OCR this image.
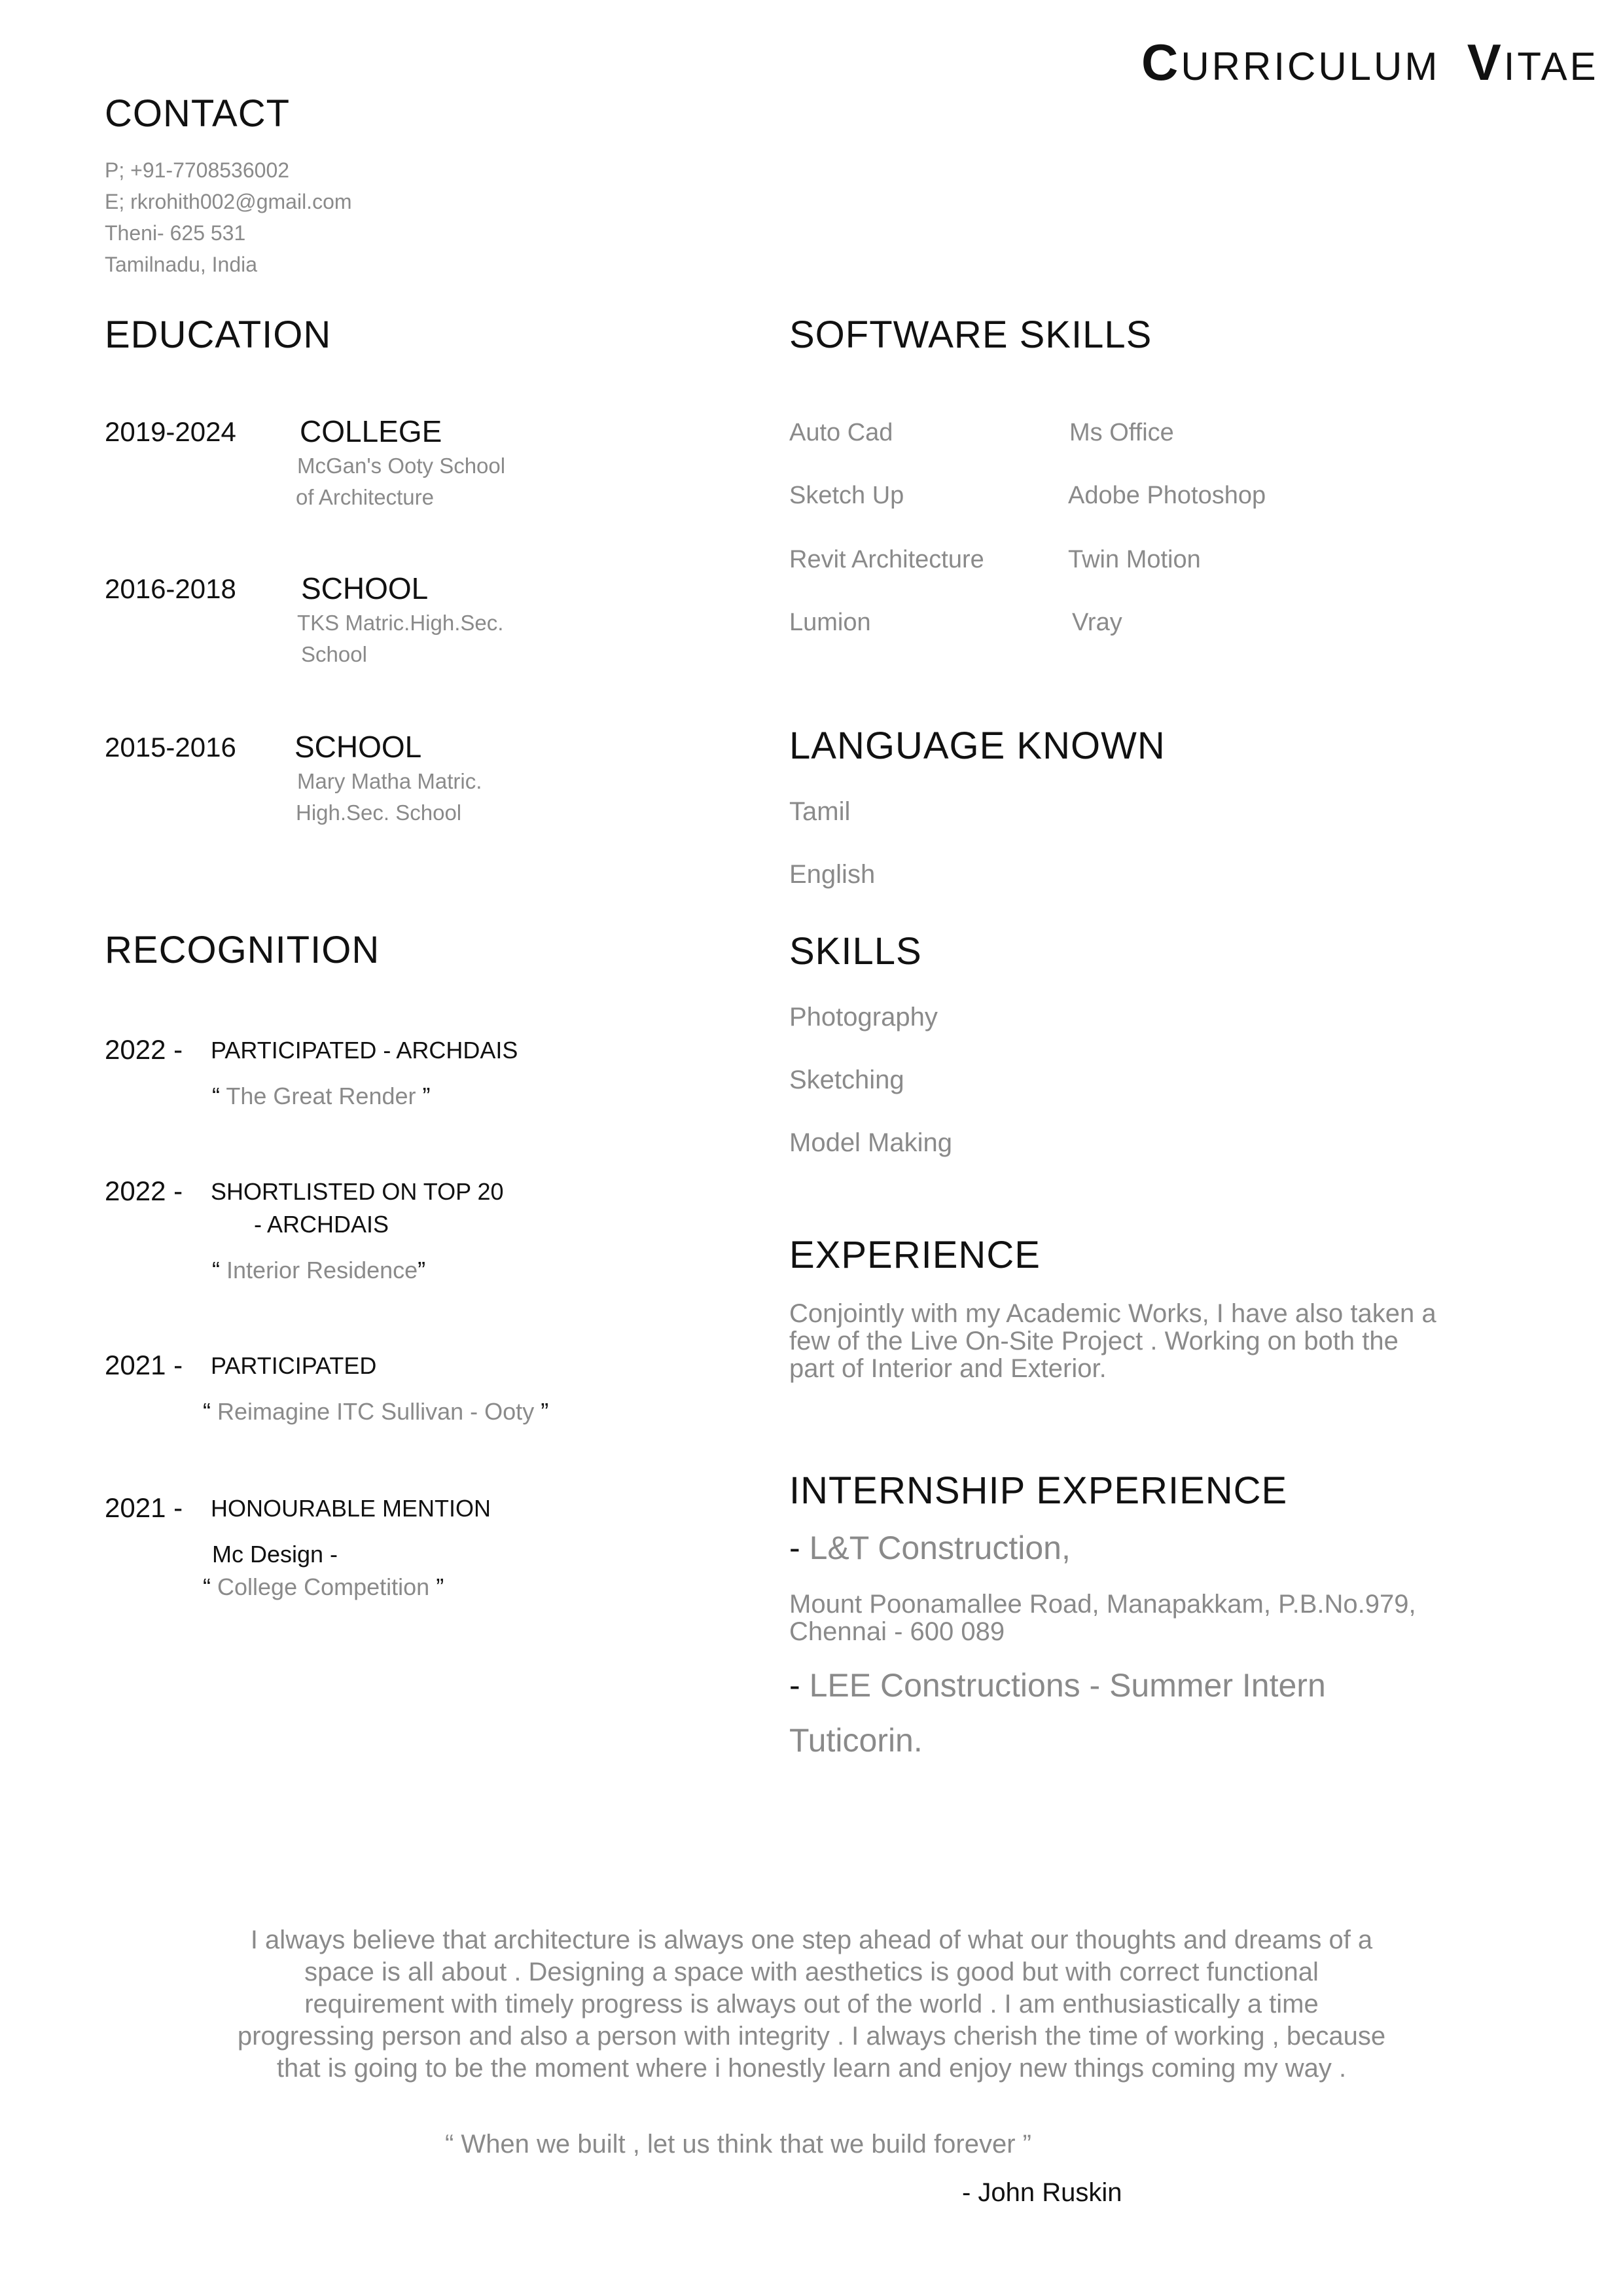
CURRICULUM VITAE
CONTACT
P; +91-7708536002
E; rkrohith002@gmail.com
Theni- 625 531
Tamilnadu, India
EDUCATION
2019-2024 COLLEGE
McGan's Ooty School
of Architecture
2016-2018 SCHOOL
TKS Matric.High.Sec.
School
2015-2016 SCHOOL
Mary Matha Matric.
High.Sec. School
SOFTWARE SKILLS
Auto Cad	Ms Office
Sketch Up	Adobe Photoshop
Revit Architecture	Twin Motion
Lumion	Vray
LANGUAGE KNOWN
Tamil
English
RECOGNITION
2022 - PARTICIPATED - ARCHDAIS
“ The Great Render ”
2022 - SHORTLISTED ON TOP 20
- ARCHDAIS
“ Interior Residence”
2021 - PARTICIPATED
“ Reimagine ITC Sullivan - Ooty ”
2021 - HONOURABLE MENTION
Mc Design -
“ College Competition ”
SKILLS
Photography
Sketching
Model Making
EXPERIENCE
Conjointly with my Academic Works, I have also taken a
few of the Live On-Site Project . Working on both the
part of Interior and Exterior.
INTERNSHIP EXPERIENCE
- L&T Construction,
Mount Poonamallee Road, Manapakkam, P.B.No.979,
Chennai - 600 089
- LEE Constructions - Summer Intern
Tuticorin.
I always believe that architecture is always one step ahead of what our thoughts and dreams of a
space is all about . Designing a space with aesthetics is good but with correct functional
requirement with timely progress is always out of the world . I am enthusiastically a time
progressing person and also a person with integrity . I always cherish the time of working , because
that is going to be the moment where i honestly learn and enjoy new things coming my way .
“ When we built , let us think that we build forever ”
- John Ruskin
